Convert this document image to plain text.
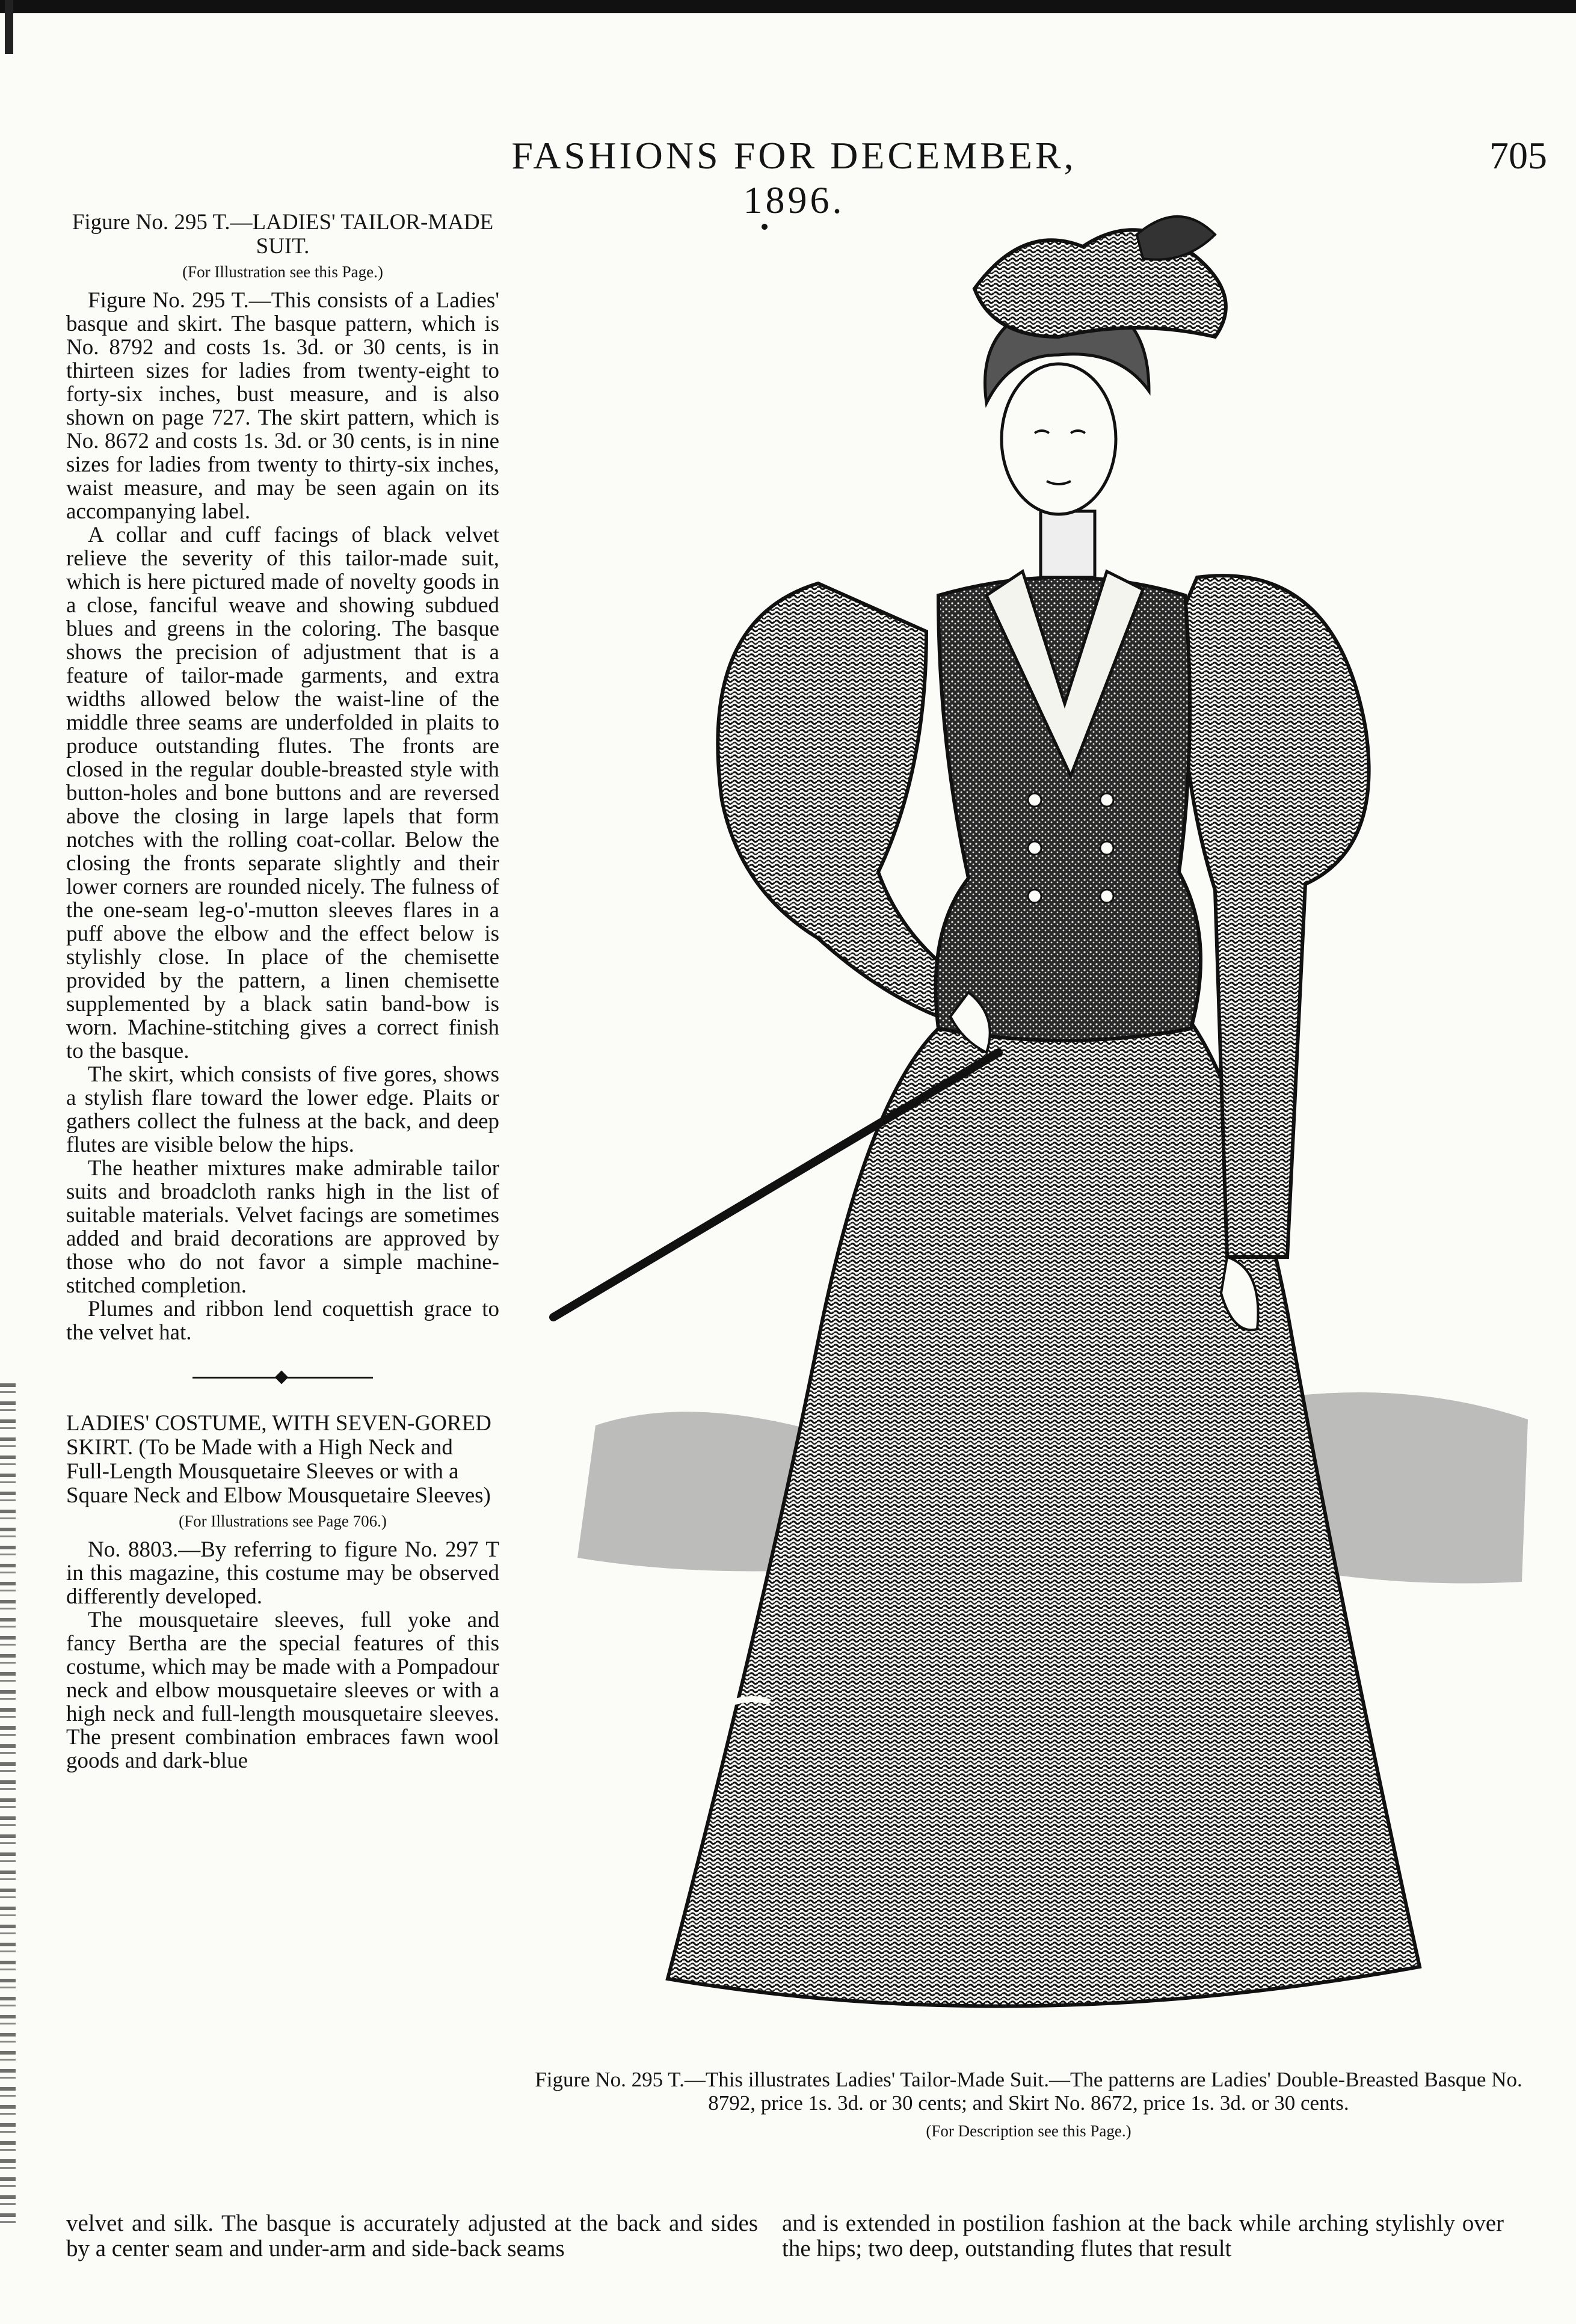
FASHIONS FOR DECEMBER, 1896.
705
Figure No. 295 T.—LADIES' TAILOR-MADE SUIT.
(For Illustration see this Page.)

Figure No. 295 T.—This consists of a Ladies' basque and skirt. The basque pattern, which is No. 8792 and costs 1s. 3d. or 30 cents, is in thirteen sizes for ladies from twenty-eight to forty-six inches, bust measure, and is also shown on page 727. The skirt pattern, which is No. 8672 and costs 1s. 3d. or 30 cents, is in nine sizes for ladies from twenty to thirty-six inches, waist measure, and may be seen again on its accompanying label.

A collar and cuff facings of black velvet relieve the severity of this tailor-made suit, which is here pictured made of novelty goods in a close, fanciful weave and showing subdued blues and greens in the coloring. The basque shows the precision of adjustment that is a feature of tailor-made garments, and extra widths allowed below the waist-line of the middle three seams are underfolded in plaits to produce outstanding flutes. The fronts are closed in the regular double-breasted style with button-holes and bone buttons and are reversed above the closing in large lapels that form notches with the rolling coat-collar. Below the closing the fronts separate slightly and their lower corners are rounded nicely. The fulness of the one-seam leg-o'-mutton sleeves flares in a puff above the elbow and the effect below is stylishly close. In place of the chemisette provided by the pattern, a linen chemisette supplemented by a black satin band-bow is worn. Machine-stitching gives a correct finish to the basque.

The skirt, which consists of five gores, shows a stylish flare toward the lower edge. Plaits or gathers collect the fulness at the back, and deep flutes are visible below the hips.

The heather mixtures make admirable tailor suits and broadcloth ranks high in the list of suitable materials. Velvet facings are sometimes added and braid decorations are approved by those who do not favor a simple machine-stitched completion.

Plumes and ribbon lend coquettish grace to the velvet hat.

LADIES' COSTUME, WITH SEVEN-GORED SKIRT. (To be Made with a High Neck and Full-Length Mousquetaire Sleeves or with a Square Neck and Elbow Mousquetaire Sleeves)
(For Illustrations see Page 706.)

No. 8803.—By referring to figure No. 297 T in this magazine, this costume may be observed differently developed.

The mousquetaire sleeves, full yoke and fancy Bertha are the special features of this costume, which may be made with a Pompadour neck and elbow mousquetaire sleeves or with a high neck and full-length mousquetaire sleeves. The present combination embraces fawn wool goods and dark-blue

Figure No. 295 T.—This illustrates Ladies' Tailor-Made Suit.—The patterns are Ladies' Double-Breasted Basque No. 8792, price 1s. 3d. or 30 cents; and Skirt No. 8672, price 1s. 3d. or 30 cents.
(For Description see this Page.)
velvet and silk. The basque is accurately adjusted at the back and sides by a center seam and under-arm and side-back seams
and is extended in postilion fashion at the back while arching stylishly over the hips; two deep, outstanding flutes that result
